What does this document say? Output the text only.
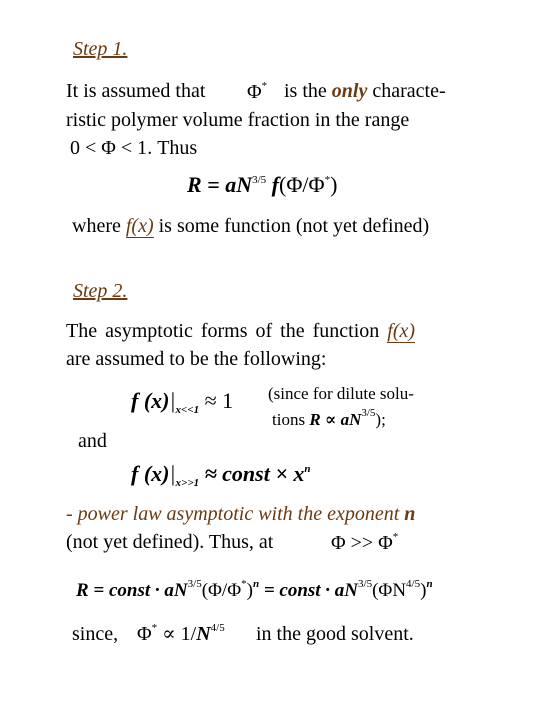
Step 1.
It is assumed that Φ* is the only characte-
ristic polymer volume fraction in the range
0 < Φ < 1. Thus
$R = aN^{3/5}$ f(Φ/Φ*)
where f(x) is some function (not yet defined)
Step 2.
The asymptotic forms of the function f(x)
are assumed to be the following:
f $(x)|_{x<<1} \approx 1$ (since for dilute solu-
tions $R \propto aN^{3/5}$);
and
f $(x)|_{x>>1}$ ≈ const × $x^n$
- power law asymptotic with the exponent n
(not yet defined). Thus, at	Φ >> Φ*
R = const · $aN^{3/5}(\Phi/\Phi^*)^n$ = const · $aN^{3/5}(\Phi N^{4/5})^n$
since, $\Phi^* \propto 1/N^{4/5}$ in the good solvent.
